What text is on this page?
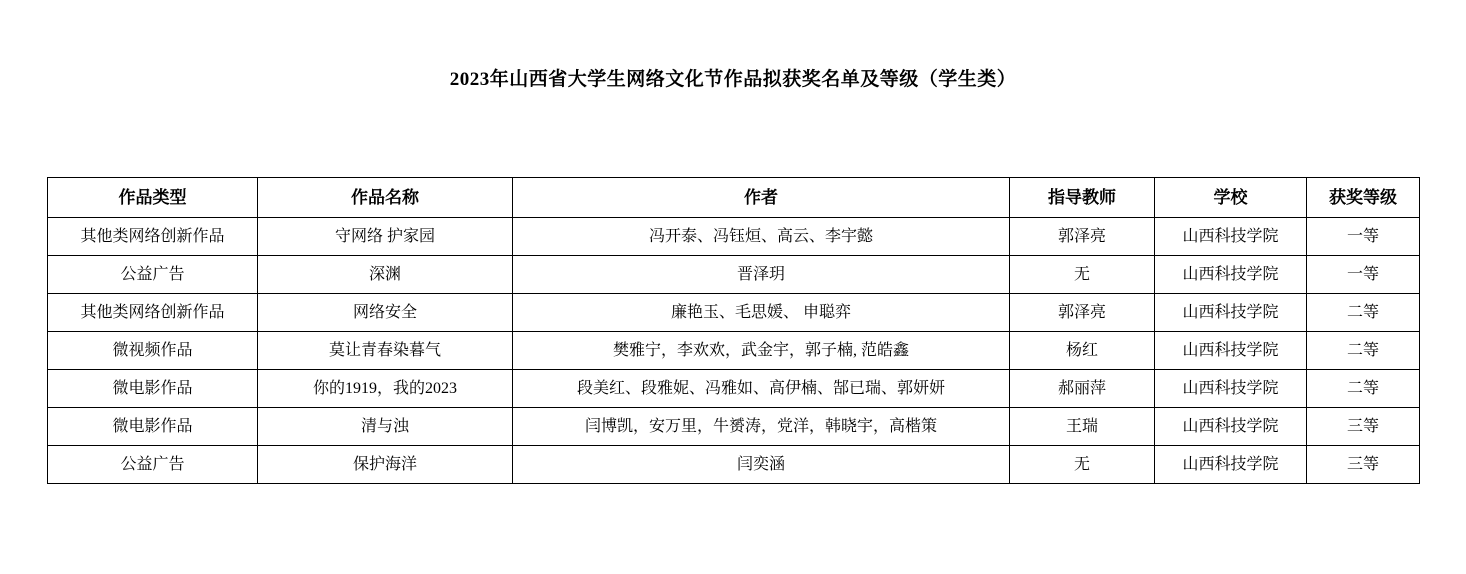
2023年山西省大学生网络文化节作品拟获奖名单及等级（学生类）
作品类型	作品名称	作者	指导教师	学校	获奖等级
其他类网络创新作品	守网络 护家园	冯开泰、冯钰烜、高云、李宇懿	郭泽亮	山西科技学院	一等
公益广告	深渊	晋泽玥	无	山西科技学院	一等
其他类网络创新作品	网络安全	廉艳玉、毛思媛、 申聪弈	郭泽亮	山西科技学院	二等
微视频作品	莫让青春染暮气	樊雅宁，李欢欢，武金宇，郭子楠, 范皓鑫	杨红	山西科技学院	二等
微电影作品	你的1919，我的2023	段美红、段雅妮、冯雅如、高伊楠、郜已瑞、郭妍妍	郝丽萍	山西科技学院	二等
微电影作品	清与浊	闫博凯，安万里，牛赟涛，党洋，韩晓宇，高楷策	王瑞	山西科技学院	三等
公益广告	保护海洋	闫奕涵	无	山西科技学院	三等
